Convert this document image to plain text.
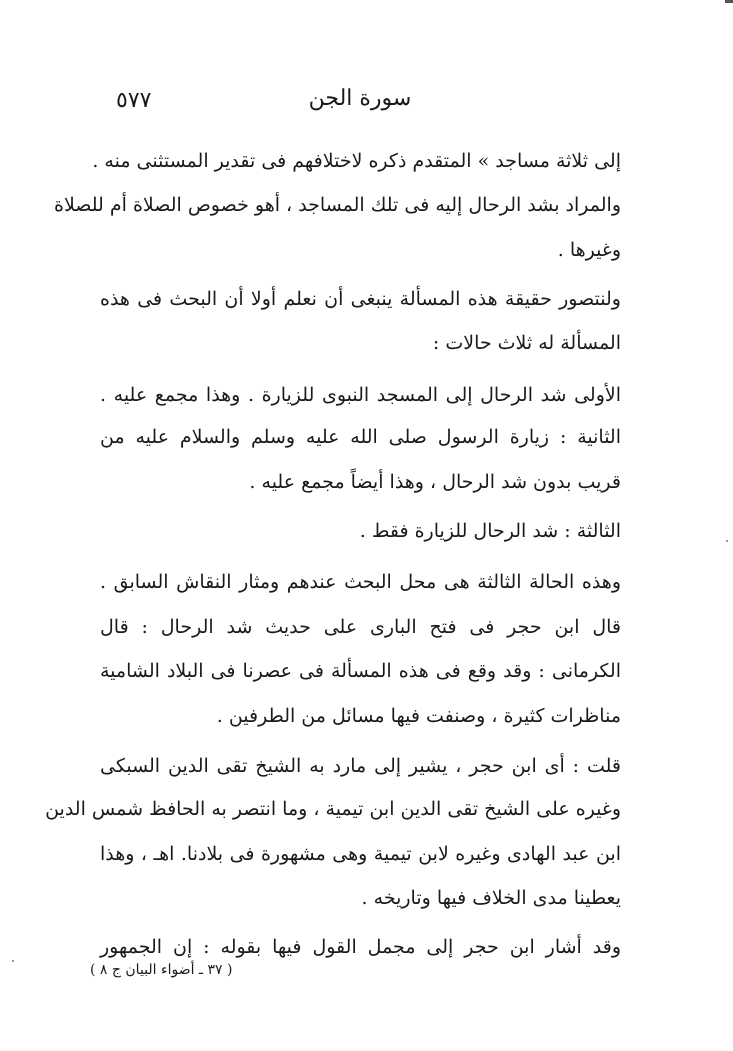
سورة الجن
٥٧٧
إلى ثلاثة مساجد » المتقدم ذكره لاختلافهم فى تقدير المستثنى منه .
والمراد بشد الرحال إليه فى تلك المساجد ، أهو خصوص الصلاة أم للصلاة
وغيرها .
ولنتصور حقيقة هذه المسألة ينبغى أن نعلم أولا أن البحث فى هذه
المسألة له ثلاث حالات :
الأولى شد الرحال إلى المسجد النبوى للزيارة . وهذا مجمع عليه .
الثانية : زيارة الرسول صلى الله عليه وسلم والسلام عليه من
قريب بدون شد الرحال ، وهذا أيضاً مجمع عليه .
الثالثة : شد الرحال للزيارة فقط .
وهذه الحالة الثالثة هى محل البحث عندهم ومثار النقاش السابق .
قال ابن حجر فى فتح البارى على حديث شد الرحال : قال
الكرمانى : وقد وقع فى هذه المسألة فى عصرنا فى البلاد الشامية
مناظرات كثيرة ، وصنفت فيها مسائل من الطرفين .
قلت : أى ابن حجر ، يشير إلى مارد به الشيخ تقى الدين السبكى
وغيره على الشيخ تقى الدين ابن تيمية ، وما انتصر به الحافظ شمس الدين
ابن عبد الهادى وغيره لابن تيمية وهى مشهورة فى بلادنا. اهـ ، وهذا
يعطينا مدى الخلاف فيها وتاريخه .
وقد أشار ابن حجر إلى مجمل القول فيها بقوله : إن الجمهور
( ٣٧ ـ أضواء البيان ج ٨ )
